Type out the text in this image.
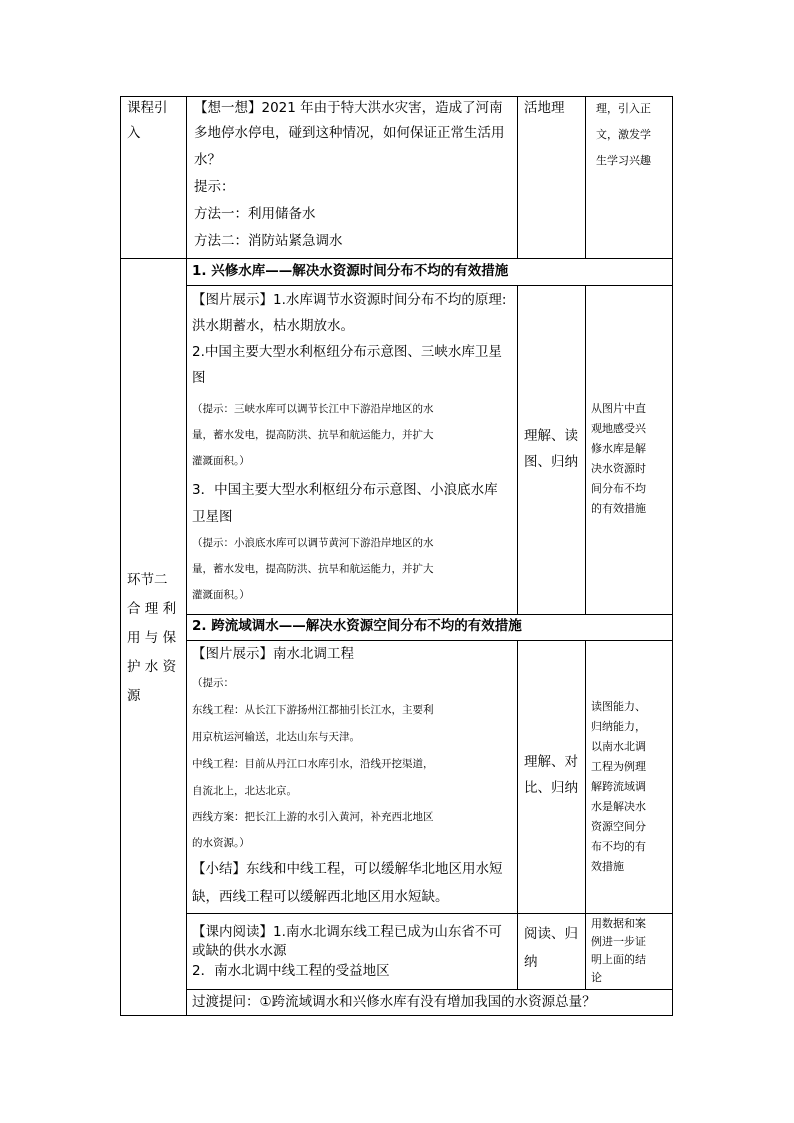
课程引

入

【想一想】2021 年由于特大洪水灾害，造成了河南

多地停水停电，碰到这种情况，如何保证正常生活用

水？

提示：

方法一：利用储备水

方法二：消防站紧急调水

活地理	理，引入正

文，激发学

生学习兴趣

环节二

合 理 利

用 与 保

护 水 资

源

1. 兴修水库——解决水资源时间分布不均的有效措施

【图片展示】1.水库调节水资源时间分布不均的原理:

洪水期蓄水，枯水期放水。

2.中国主要大型水利枢纽分布示意图、三峡水库卫星

图

（提示：三峡水库可以调节长江中下游沿岸地区的水

量，蓄水发电，提高防洪、抗旱和航运能力，并扩大

灌溉面积。）

3．中国主要大型水利枢纽分布示意图、小浪底水库

卫星图

（提示：小浪底水库可以调节黄河下游沿岸地区的水

量，蓄水发电，提高防洪、抗旱和航运能力，并扩大

灌溉面积。）

理解、读

图、归纳

从图片中直

观地感受兴

修水库是解

决水资源时

间分布不均

的有效措施

2. 跨流域调水——解决水资源空间分布不均的有效措施

【图片展示】南水北调工程

（提示：

东线工程：从长江下游扬州江都抽引长江水，主要利

用京杭运河输送，北达山东与天津。

中线工程：目前从丹江口水库引水，沿线开挖渠道，

自流北上，北达北京。

西线方案：把长江上游的水引入黄河，补充西北地区

的水资源。）

【小结】东线和中线工程，可以缓解华北地区用水短

缺，西线工程可以缓解西北地区用水短缺。

理解、对

比、归纳

读图能力、

归纳能力，

以南水北调

工程为例理

解跨流域调

水是解决水

资源空间分

布不均的有

效措施

【课内阅读】1.南水北调东线工程已成为山东省不可

或缺的供水水源

2．南水北调中线工程的受益地区

阅读、归

纳

用数据和案

例进一步证

明上面的结

论

过渡提问：①跨流域调水和兴修水库有没有增加我国的水资源总量？
